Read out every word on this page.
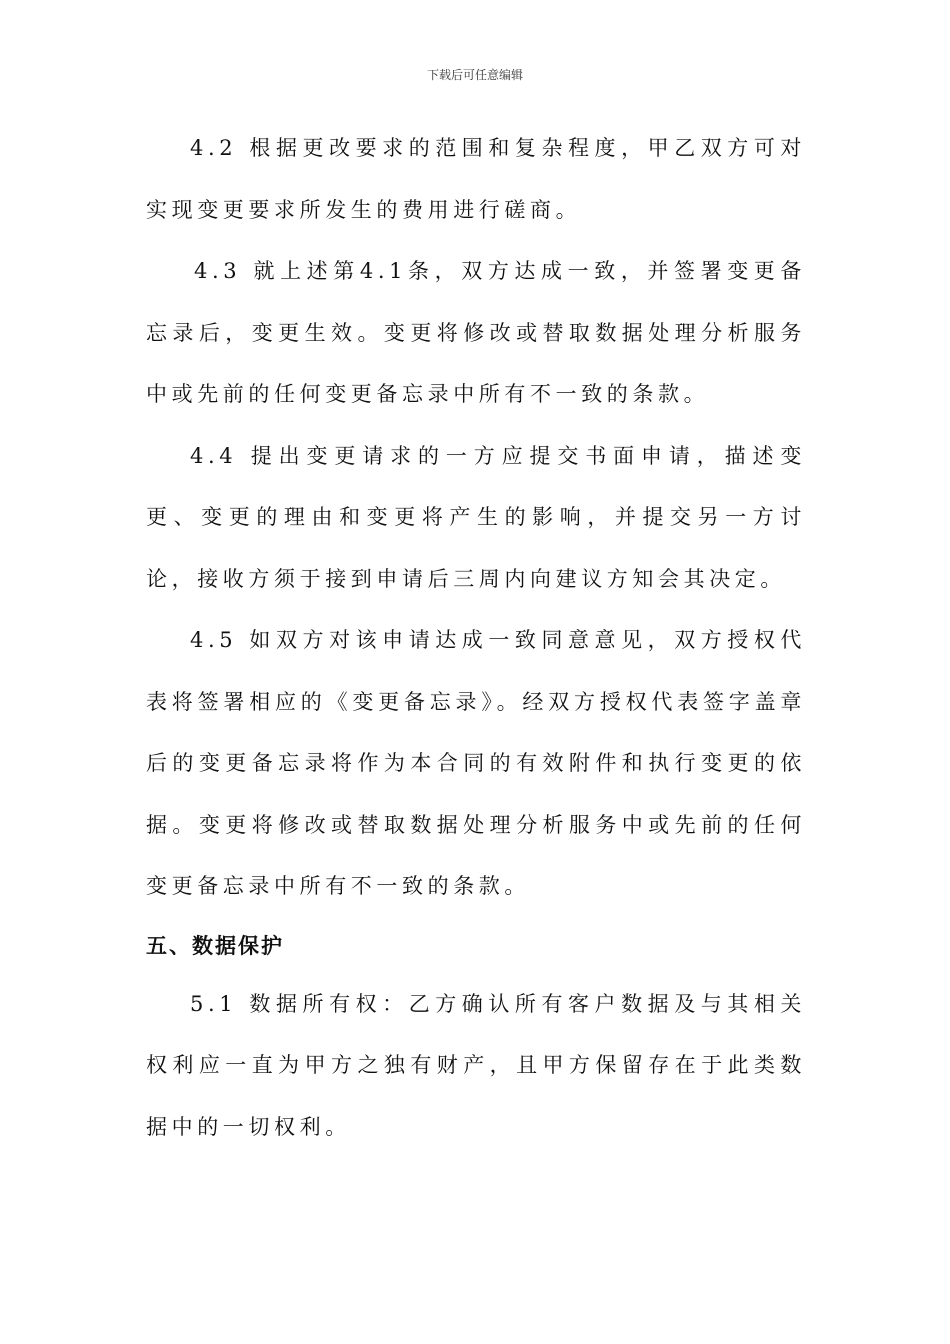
下载后可任意编辑

4.2 根据更改要求的范围和复杂程度，甲乙双方可对实现变更要求所发生的费用进行磋商。

4.3 就上述第4.1条，双方达成一致，并签署变更备忘录后，变更生效。变更将修改或替取数据处理分析服务中或先前的任何变更备忘录中所有不一致的条款。

4.4 提出变更请求的一方应提交书面申请，描述变更、变更的理由和变更将产生的影响，并提交另一方讨论，接收方须于接到申请后三周内向建议方知会其决定。

4.5 如双方对该申请达成一致同意意见，双方授权代表将签署相应的《变更备忘录》。经双方授权代表签字盖章后的变更备忘录将作为本合同的有效附件和执行变更的依据。变更将修改或替取数据处理分析服务中或先前的任何变更备忘录中所有不一致的条款。

五、数据保护

5.1 数据所有权：乙方确认所有客户数据及与其相关权利应一直为甲方之独有财产，且甲方保留存在于此类数据中的一切权利。
